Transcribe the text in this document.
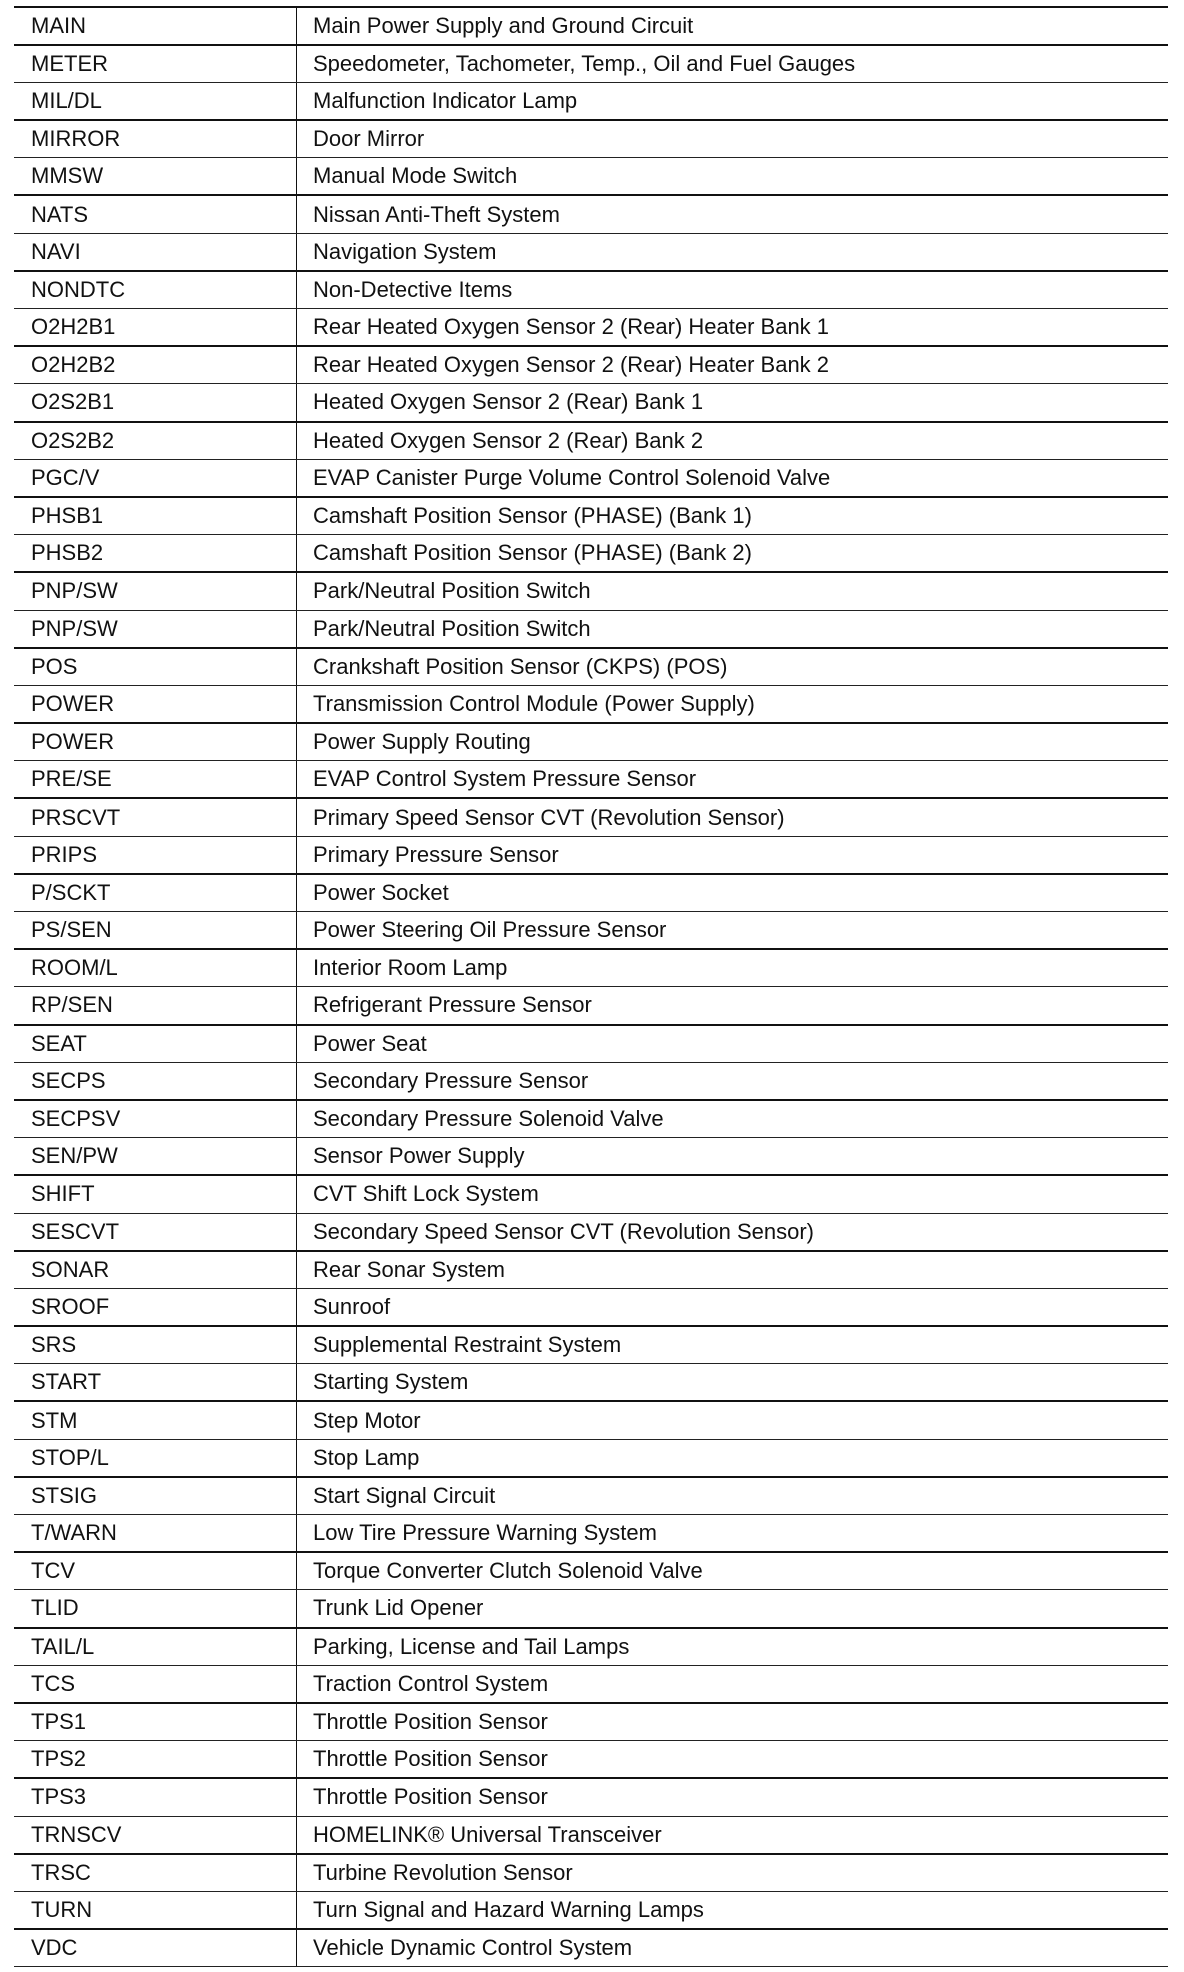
MAIN	Main Power Supply and Ground Circuit
METER	Speedometer, Tachometer, Temp., Oil and Fuel Gauges
MIL/DL	Malfunction Indicator Lamp
MIRROR	Door Mirror
MMSW	Manual Mode Switch
NATS	Nissan Anti-Theft System
NAVI	Navigation System
NONDTC	Non-Detective Items
O2H2B1	Rear Heated Oxygen Sensor 2 (Rear) Heater Bank 1
O2H2B2	Rear Heated Oxygen Sensor 2 (Rear) Heater Bank 2
O2S2B1	Heated Oxygen Sensor 2 (Rear) Bank 1
O2S2B2	Heated Oxygen Sensor 2 (Rear) Bank 2
PGC/V	EVAP Canister Purge Volume Control Solenoid Valve
PHSB1	Camshaft Position Sensor (PHASE) (Bank 1)
PHSB2	Camshaft Position Sensor (PHASE) (Bank 2)
PNP/SW	Park/Neutral Position Switch
PNP/SW	Park/Neutral Position Switch
POS	Crankshaft Position Sensor (CKPS) (POS)
POWER	Transmission Control Module (Power Supply)
POWER	Power Supply Routing
PRE/SE	EVAP Control System Pressure Sensor
PRSCVT	Primary Speed Sensor CVT (Revolution Sensor)
PRIPS	Primary Pressure Sensor
P/SCKT	Power Socket
PS/SEN	Power Steering Oil Pressure Sensor
ROOM/L	Interior Room Lamp
RP/SEN	Refrigerant Pressure Sensor
SEAT	Power Seat
SECPS	Secondary Pressure Sensor
SECPSV	Secondary Pressure Solenoid Valve
SEN/PW	Sensor Power Supply
SHIFT	CVT Shift Lock System
SESCVT	Secondary Speed Sensor CVT (Revolution Sensor)
SONAR	Rear Sonar System
SROOF	Sunroof
SRS	Supplemental Restraint System
START	Starting System
STM	Step Motor
STOP/L	Stop Lamp
STSIG	Start Signal Circuit
T/WARN	Low Tire Pressure Warning System
TCV	Torque Converter Clutch Solenoid Valve
TLID	Trunk Lid Opener
TAIL/L	Parking, License and Tail Lamps
TCS	Traction Control System
TPS1	Throttle Position Sensor
TPS2	Throttle Position Sensor
TPS3	Throttle Position Sensor
TRNSCV	HOMELINK® Universal Transceiver
TRSC	Turbine Revolution Sensor
TURN	Turn Signal and Hazard Warning Lamps
VDC	Vehicle Dynamic Control System
